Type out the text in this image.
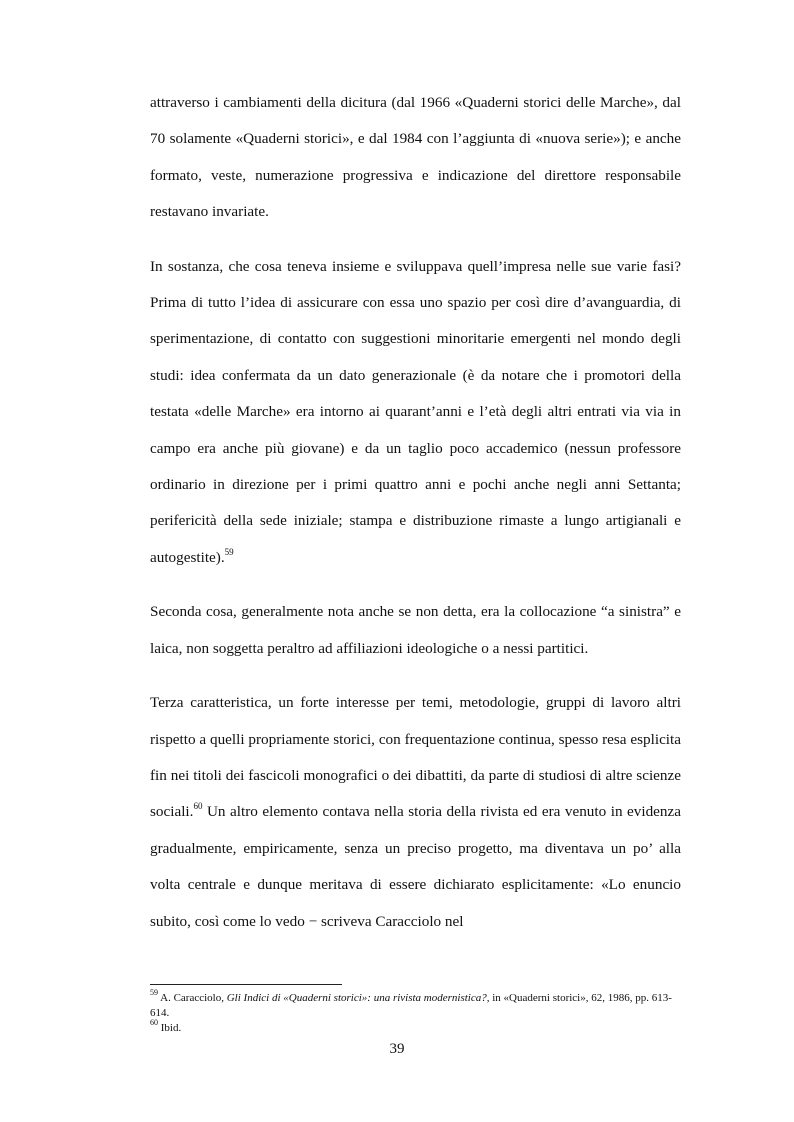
attraverso i cambiamenti della dicitura (dal 1966 «Quaderni storici delle Marche», dal 70 solamente «Quaderni storici», e dal 1984 con l’aggiunta di «nuova serie»); e anche formato, veste, numerazione progressiva e indicazione del direttore responsabile restavano invariate.

In sostanza, che cosa teneva insieme e sviluppava quell’impresa nelle sue varie fasi? Prima di tutto l’idea di assicurare con essa uno spazio per così dire d’avanguardia, di sperimentazione, di contatto con suggestioni minoritarie emergenti nel mondo degli studi: idea confermata da un dato generazionale (è da notare che i promotori della testata «delle Marche» era intorno ai quarant’anni e l’età degli altri entrati via via in campo era anche più giovane) e da un taglio poco accademico (nessun professore ordinario in direzione per i primi quattro anni e pochi anche negli anni Settanta; perifericità della sede iniziale; stampa e distribuzione rimaste a lungo artigianali e autogestite).$^{59}$

Seconda cosa, generalmente nota anche se non detta, era la collocazione “a sinistra” e laica, non soggetta peraltro ad affiliazioni ideologiche o a nessi partitici.

Terza caratteristica, un forte interesse per temi, metodologie, gruppi di lavoro altri rispetto a quelli propriamente storici, con frequentazione continua, spesso resa esplicita fin nei titoli dei fascicoli monografici o dei dibattiti, da parte di studiosi di altre scienze sociali.$^{60}$ Un altro elemento contava nella storia della rivista ed era venuto in evidenza gradualmente, empiricamente, senza un preciso progetto, ma diventava un po’ alla volta centrale e dunque meritava di essere dichiarato esplicitamente: «Lo enuncio subito, così come lo vedo − scriveva Caracciolo nel

$^{59}$ A. Caracciolo, Gli Indici di «Quaderni storici»: una rivista modernistica?, in «Quaderni storici», 62, 1986, pp. 613-614.

$^{60}$ Ibid.

39
